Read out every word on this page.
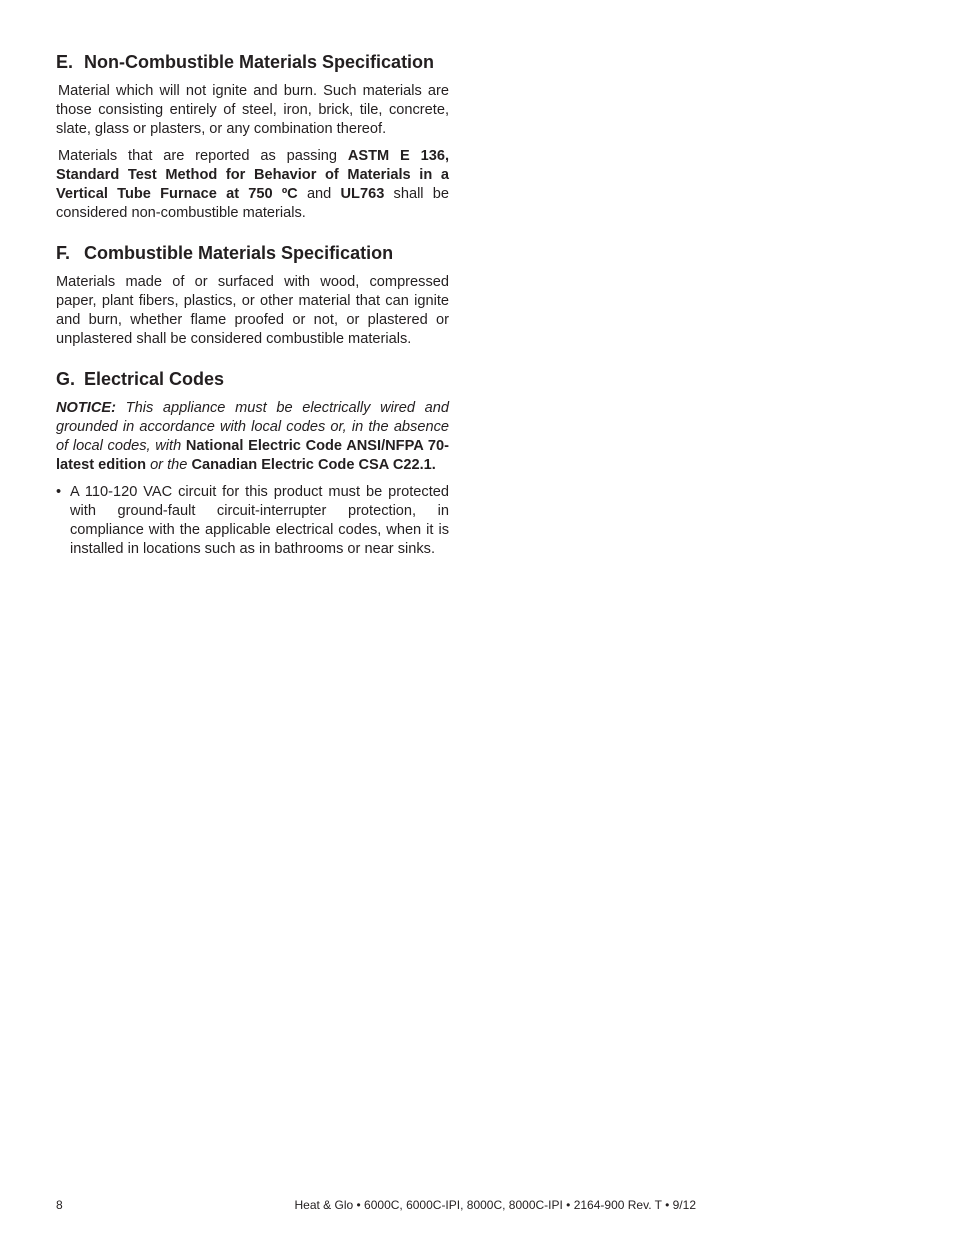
E. Non-Combustible Materials Specification

Material which will not ignite and burn. Such materials are those consisting entirely of steel, iron, brick, tile, concrete, slate, glass or plasters, or any combination thereof.

Materials that are reported as passing ASTM E 136, Standard Test Method for Behavior of Materials in a Vertical Tube Furnace at 750 ºC and UL763 shall be considered non-combustible materials.

F. Combustible Materials Specification

Materials made of or surfaced with wood, compressed paper, plant fibers, plastics, or other material that can ignite and burn, whether flame proofed or not, or plastered or unplastered shall be considered combustible materials.

G. Electrical Codes

NOTICE: This appliance must be electrically wired and grounded in accordance with local codes or, in the absence of local codes, with National Electric Code ANSI/NFPA 70-latest edition or the Canadian Electric Code CSA C22.1.

• A 110-120 VAC circuit for this product must be protected with ground-fault circuit-interrupter protection, in compliance with the applicable electrical codes, when it is installed in locations such as in bathrooms or near sinks.
8	Heat & Glo • 6000C, 6000C-IPI, 8000C, 8000C-IPI • 2164-900 Rev. T • 9/12
